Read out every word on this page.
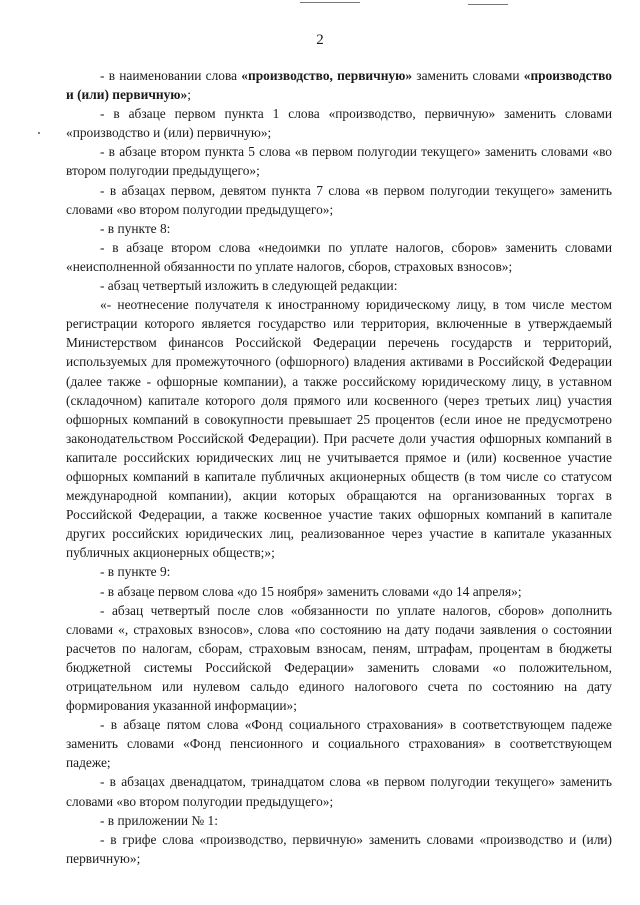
2

- в наименовании слова «производство, первичную» заменить словами «производство и (или) первичную»;

- в абзаце первом пункта 1 слова «производство, первичную» заменить словами «производство и (или) первичную»;

- в абзаце втором пункта 5 слова «в первом полугодии текущего» заменить словами «во втором полугодии предыдущего»;

- в абзацах первом, девятом пункта 7 слова «в первом полугодии текущего» заменить словами «во втором полугодии предыдущего»;

- в пункте 8:

- в абзаце втором слова «недоимки по уплате налогов, сборов» заменить словами «неисполненной обязанности по уплате налогов, сборов, страховых взносов»;

- абзац четвертый изложить в следующей редакции:

«- неотнесение получателя к иностранному юридическому лицу, в том числе местом регистрации которого является государство или территория, включенные в утверждаемый Министерством финансов Российской Федерации перечень государств и территорий, используемых для промежуточного (офшорного) владения активами в Российской Федерации (далее также - офшорные компании), а также российскому юридическому лицу, в уставном (складочном) капитале которого доля прямого или косвенного (через третьих лиц) участия офшорных компаний в совокупности превышает 25 процентов (если иное не предусмотрено законодательством Российской Федерации). При расчете доли участия офшорных компаний в капитале российских юридических лиц не учитывается прямое и (или) косвенное участие офшорных компаний в капитале публичных акционерных обществ (в том числе со статусом международной компании), акции которых обращаются на организованных торгах в Российской Федерации, а также косвенное участие таких офшорных компаний в капитале других российских юридических лиц, реализованное через участие в капитале указанных публичных акционерных обществ;»;

- в пункте 9:

- в абзаце первом слова «до 15 ноября» заменить словами «до 14 апреля»;

- абзац четвертый после слов «обязанности по уплате налогов, сборов» дополнить словами «, страховых взносов», слова «по состоянию на дату подачи заявления о состоянии расчетов по налогам, сборам, страховым взносам, пеням, штрафам, процентам в бюджеты бюджетной системы Российской Федерации» заменить словами «о положительном, отрицательном или нулевом сальдо единого налогового счета по состоянию на дату формирования указанной информации»;

- в абзаце пятом слова «Фонд социального страхования» в соответствующем падеже заменить словами «Фонд пенсионного и социального страхования» в соответствующем падеже;

- в абзацах двенадцатом, тринадцатом слова «в первом полугодии текущего» заменить словами «во втором полугодии предыдущего»;

- в приложении № 1:

- в грифе слова «производство, первичную» заменить словами «производство и (или) первичную»;
